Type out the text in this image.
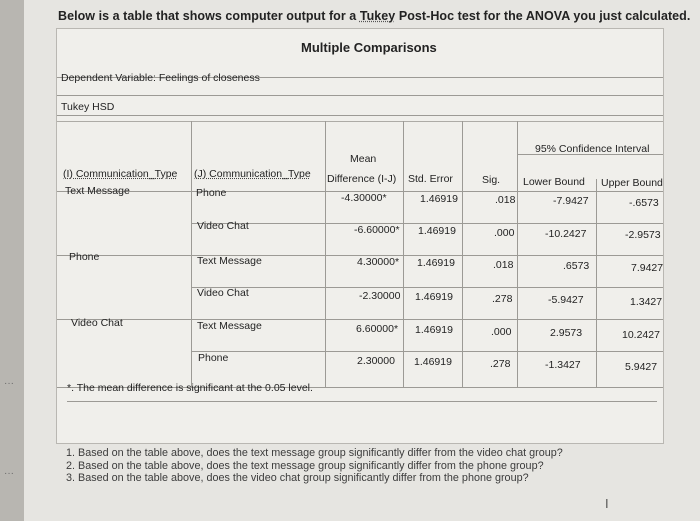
···
···
Below is a table that shows computer output for a Tukey Post-Hoc test for the ANOVA you just calculated.
Multiple Comparisons
Dependent Variable: Feelings of closeness
Tukey HSD
Mean
Difference (I-J) Std. Error	Sig.
95% Confidence Interval
Lower Bound Upper Bound
(I) Communication_Type (J) Communication_Type
Text Message	Phone	-4.30000*	1.46919	.018	-7.9427	-.6573
Video Chat	-6.60000* 1.46919	.000	-10.2427	-2.9573
Phone	Text Message	4.30000* 1.46919	.018	.6573	7.9427
Video Chat	-2.30000 1.46919	.278	-5.9427	1.3427
Video Chat	Text Message	6.60000* 1.46919	.000	2.9573	10.2427
Phone	2.30000 1.46919	.278	-1.3427	5.9427
*. The mean difference is significant at the 0.05 level.
1. Based on the table above, does the text message group significantly differ from the video chat group?
2. Based on the table above, does the text message group significantly differ from the phone group?
3. Based on the table above, does the video chat group significantly differ from the phone group?
I
